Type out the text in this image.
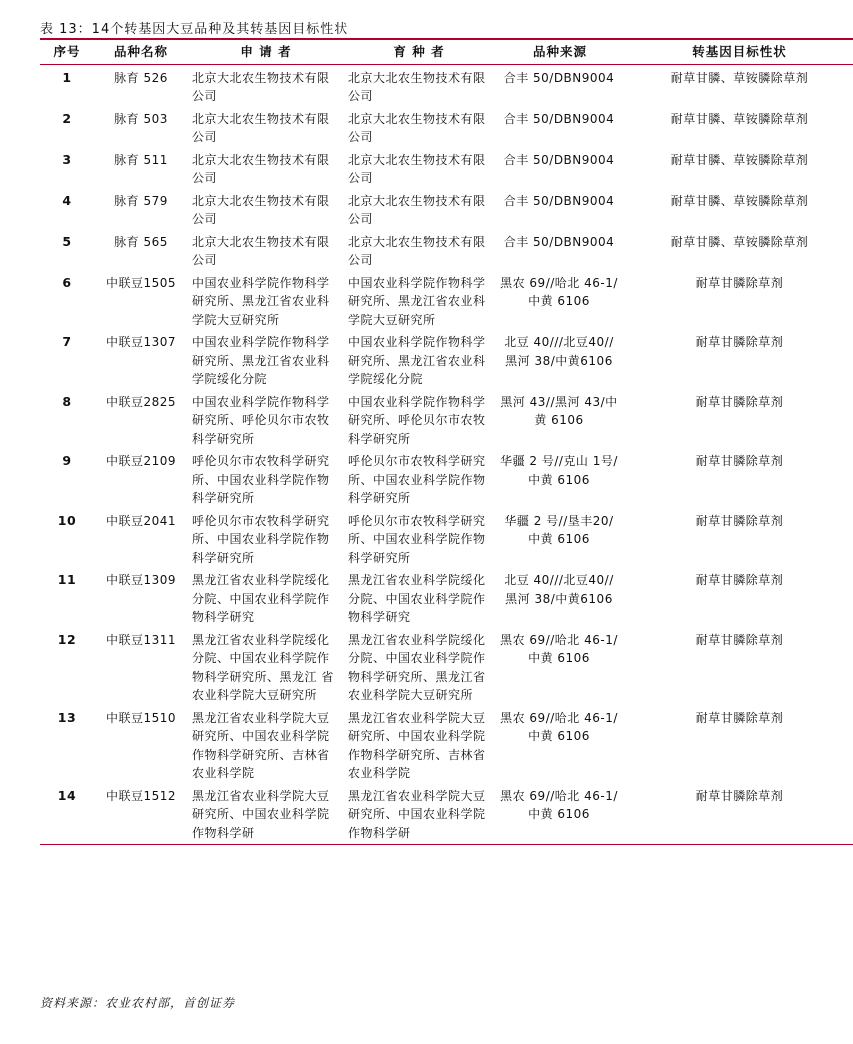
表 13：14个转基因大豆品种及其转基因目标性状
序号	品种名称	申 请 者	育 种 者	品种来源	转基因目标性状
1	脉育 526	北京大北农生物技术有限公司	北京大北农生物技术有限公司	合丰 50/DBN9004	耐草甘膦、草铵膦除草剂
2	脉育 503	北京大北农生物技术有限公司	北京大北农生物技术有限公司	合丰 50/DBN9004	耐草甘膦、草铵膦除草剂
3	脉育 511	北京大北农生物技术有限公司	北京大北农生物技术有限公司	合丰 50/DBN9004	耐草甘膦、草铵膦除草剂
4	脉育 579	北京大北农生物技术有限公司	北京大北农生物技术有限公司	合丰 50/DBN9004	耐草甘膦、草铵膦除草剂
5	脉育 565	北京大北农生物技术有限公司	北京大北农生物技术有限公司	合丰 50/DBN9004	耐草甘膦、草铵膦除草剂
6	中联豆1505	中国农业科学院作物科学研究所、黑龙江省农业科学院大豆研究所	中国农业科学院作物科学研究所、黑龙江省农业科学院大豆研究所	黑农 69//哈北 46-1/中黄 6106	耐草甘膦除草剂
7	中联豆1307	中国农业科学院作物科学研究所、黑龙江省农业科学院绥化分院	中国农业科学院作物科学研究所、黑龙江省农业科学院绥化分院	北豆 40///北豆40//黑河 38/中黄6106	耐草甘膦除草剂
8	中联豆2825	中国农业科学院作物科学研究所、呼伦贝尔市农牧科学研究所	中国农业科学院作物科学研究所、呼伦贝尔市农牧科学研究所	黑河 43//黑河 43/中黄 6106	耐草甘膦除草剂
9	中联豆2109	呼伦贝尔市农牧科学研究所、中国农业科学院作物科学研究所	呼伦贝尔市农牧科学研究所、中国农业科学院作物科学研究所	华疆 2 号//克山 1号/中黄 6106	耐草甘膦除草剂
10	中联豆2041	呼伦贝尔市农牧科学研究所、中国农业科学院作物科学研究所	呼伦贝尔市农牧科学研究所、中国农业科学院作物科学研究所	华疆 2 号//垦丰20/中黄 6106	耐草甘膦除草剂
11	中联豆1309	黑龙江省农业科学院绥化分院、中国农业科学院作物科学研究	黑龙江省农业科学院绥化分院、中国农业科学院作物科学研究	北豆 40///北豆40//黑河 38/中黄6106	耐草甘膦除草剂
12	中联豆1311	黑龙江省农业科学院绥化分院、中国农业科学院作物科学研究所、黑龙江 省农业科学院大豆研究所	黑龙江省农业科学院绥化分院、中国农业科学院作物科学研究所、黑龙江省农业科学院大豆研究所	黑农 69//哈北 46-1/中黄 6106	耐草甘膦除草剂
13	中联豆1510	黑龙江省农业科学院大豆研究所、中国农业科学院作物科学研究所、吉林省 农业科学院	黑龙江省农业科学院大豆研究所、中国农业科学院作物科学研究所、吉林省 农业科学院	黑农 69//哈北 46-1/中黄 6106	耐草甘膦除草剂
14	中联豆1512	黑龙江省农业科学院大豆研究所、中国农业科学院作物科学研	黑龙江省农业科学院大豆研究所、中国农业科学院作物科学研	黑农 69//哈北 46-1/中黄 6106	耐草甘膦除草剂
资料来源：农业农村部，首创证券
